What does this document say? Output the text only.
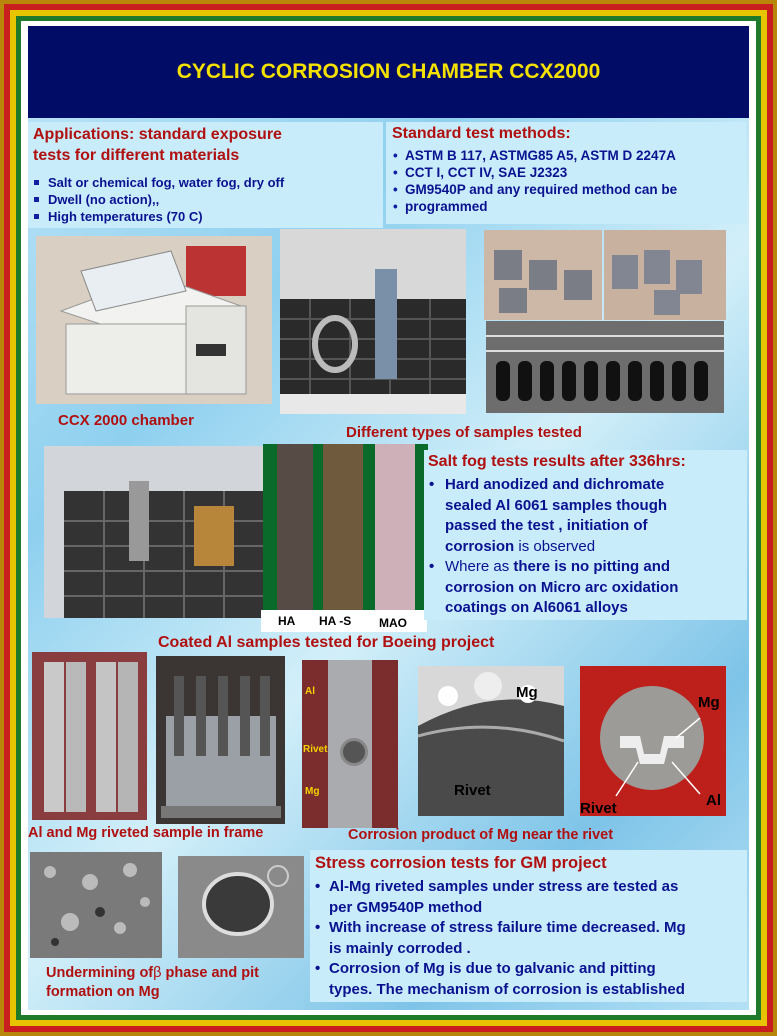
CYCLIC CORROSION CHAMBER CCX2000
Applications: standard exposure
tests for different materials
Salt or chemical fog, water fog, dry off
Dwell (no action),,
High temperatures (70 C)
Standard test methods:
• ASTM B 117, ASTMG85 A5, ASTM D 2247A
• CCT I, CCT IV, SAE J2323
• GM9540P and any required method can be
• programmed
CCX 2000 chamber
Different types of samples tested
HA HA -S MAO
Salt fog tests results after 336hrs:
• Hard anodized and dichromate
sealed Al 6061 samples though
passed the test , initiation of
corrosion is observed
• Where as there is no pitting and
corrosion on Micro arc oxidation
coatings on Al6061 alloys
Coated Al samples tested for Boeing project
Al
Rivet
Mg
Mg
Rivet
Mg
Rivet	Al
Al and Mg riveted sample in frame	Corrosion product of Mg near the rivet
Undermining ofβ phase and pit
formation on Mg
Stress corrosion tests for GM project
• Al-Mg riveted samples under stress are tested as
per GM9540P method
• With increase of stress failure time decreased. Mg
is mainly corroded .
• Corrosion of Mg is due to galvanic and pitting
types. The mechanism of corrosion is established
